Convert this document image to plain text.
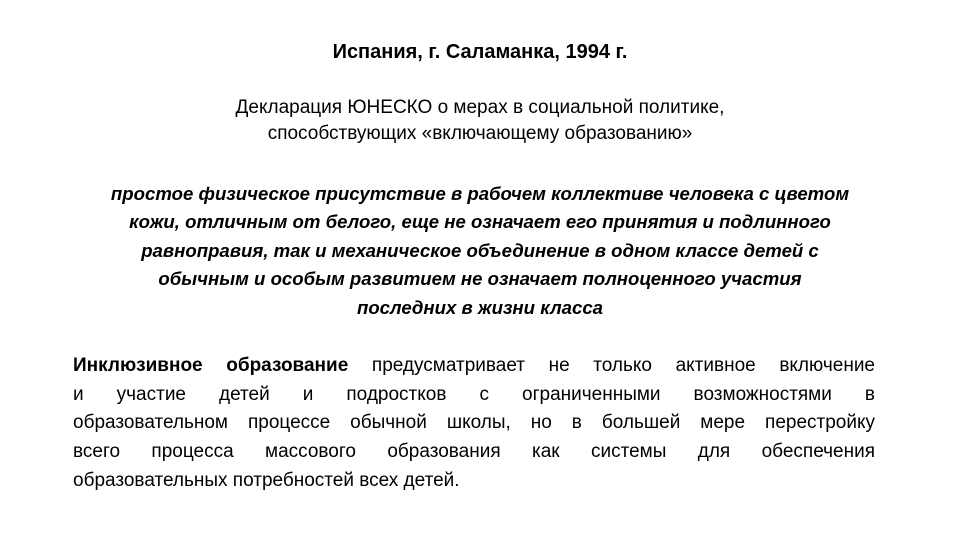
Испания, г. Саламанка, 1994 г.
Декларация ЮНЕСКО о мерах в социальной политике,
способствующих «включающему образованию»
простое физическое присутствие в рабочем коллективе человека с цветом
кожи, отличным от белого, еще не означает его принятия и подлинного
равноправия, так и механическое объединение в одном классе детей с
обычным и особым развитием не означает полноценного участия
последних в жизни класса
Инклюзивное образование предусматривает не только активное включение
и участие детей и подростков с ограниченными возможностями в
образовательном процессе обычной школы, но в большей мере перестройку
всего процесса массового образования как системы для обеспечения
образовательных потребностей всех детей.
